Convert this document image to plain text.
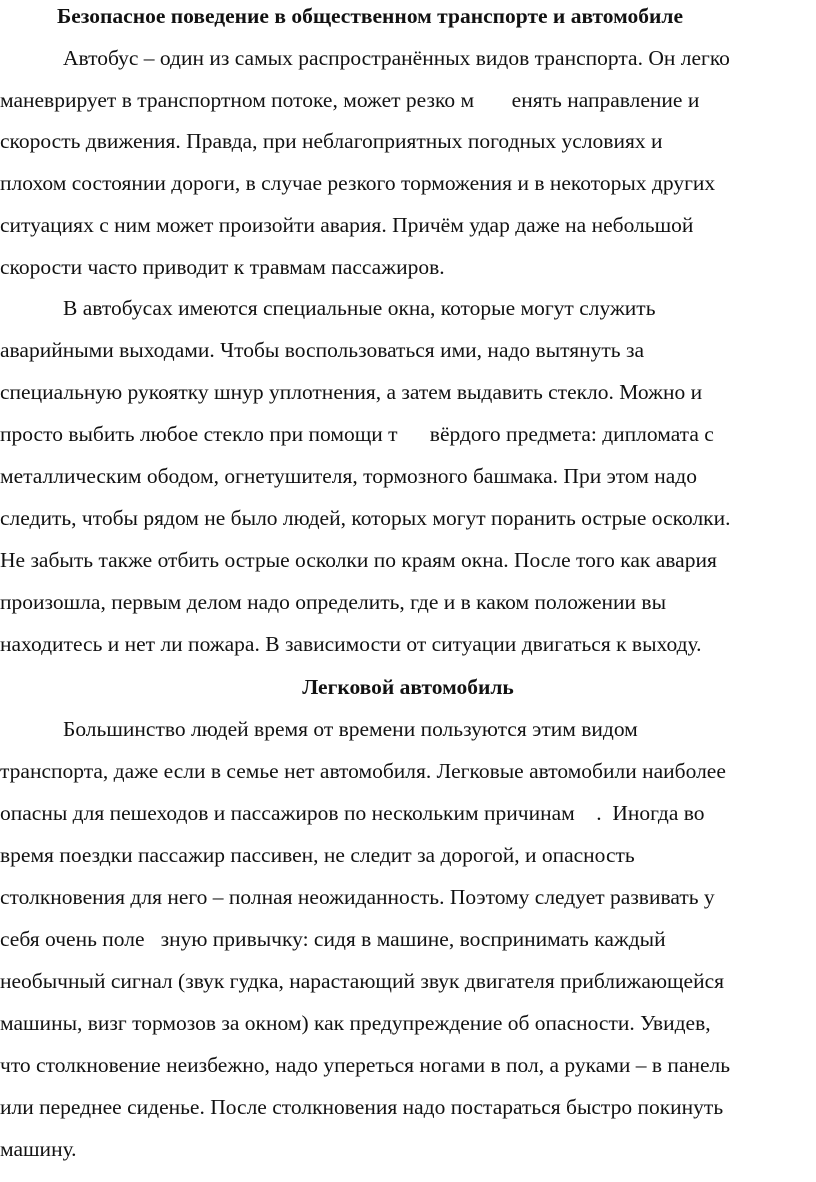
Безопасное поведение в общественном транспорте и автомобиле
Автобус – один из самых распространённых видов транспорта. Он легко
маневрирует в транспортном потоке, может резко м       енять направление и
скорость движения. Правда, при неблагоприятных погодных условиях и
плохом состоянии дороги, в случае резкого торможения и в некоторых других
ситуациях с ним может произойти авария. Причём удар даже на небольшой
скорости часто приводит к травмам пассажиров.
В автобусах имеются специальные окна, которые могут служить
аварийными выходами. Чтобы воспользоваться ими, надо вытянуть за
специальную рукоятку шнур уплотнения, а затем выдавить стекло. Можно и
просто выбить любое стекло при помощи т      вёрдого предмета: дипломата с
металлическим ободом, огнетушителя, тормозного башмака. При этом надо
следить, чтобы рядом не было людей, которых могут поранить острые осколки.
Не забыть также отбить острые осколки по краям окна. После того как авария
произошла, первым делом надо определить, где и в каком положении вы
находитесь и нет ли пожара. В зависимости от ситуации двигаться к выходу.
Легковой автомобиль
Большинство людей время от времени пользуются этим видом
транспорта, даже если в семье нет автомобиля. Легковые автомобили наиболее
опасны для пешеходов и пассажиров по нескольким причинам    .  Иногда во
время поездки пассажир пассивен, не следит за дорогой, и опасность
столкновения для него – полная неожиданность. Поэтому следует развивать у
себя очень поле   зную привычку: сидя в машине, воспринимать каждый
необычный сигнал (звук гудка, нарастающий звук двигателя приближающейся
машины, визг тормозов за окном) как предупреждение об опасности. Увидев,
что столкновение неизбежно, надо упереться ногами в пол, а руками – в панель
или переднее сиденье. После столкновения надо постараться быстро покинуть
машину.
